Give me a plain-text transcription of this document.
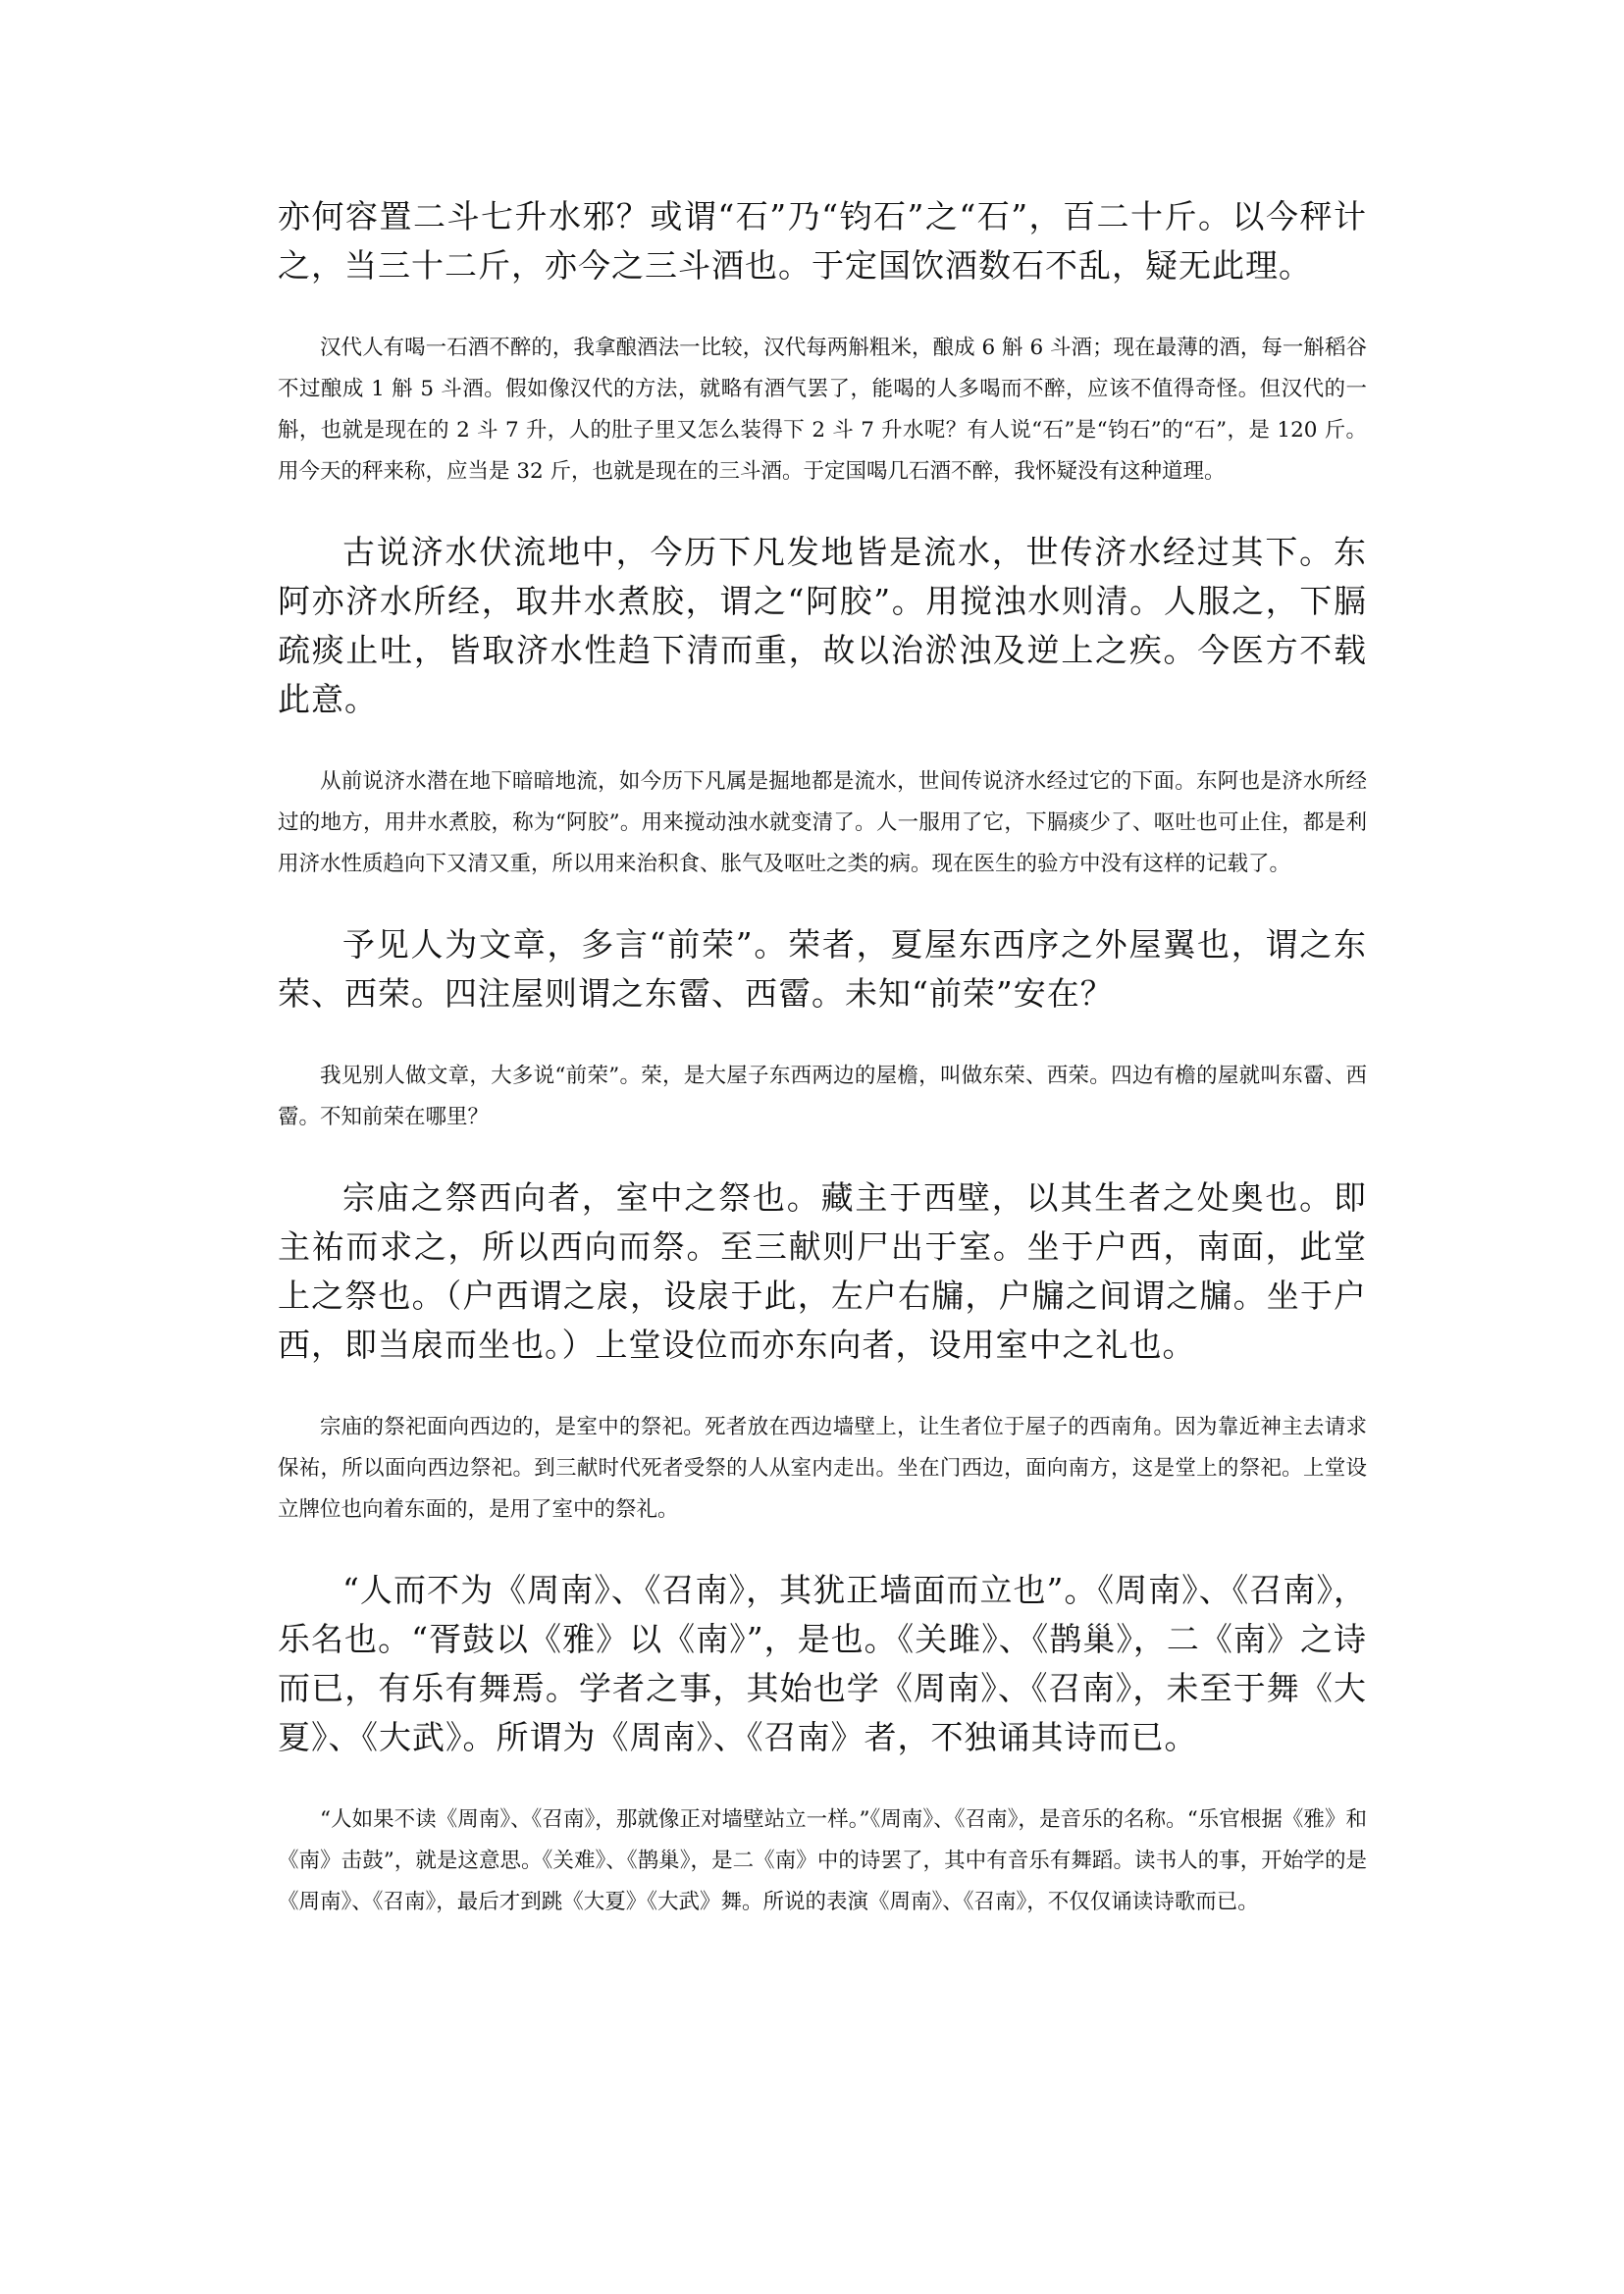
亦何容置二斗七升水邪？或谓“石”乃“钧石”之“石”，百二十斤。以今秤计之，当三十二斤，亦今之三斗酒也。于定国饮酒数石不乱，疑无此理。

汉代人有喝一石酒不醉的，我拿酿酒法一比较，汉代每两斛粗米，酿成 6 斛 6 斗酒；现在最薄的酒，每一斛稻谷不过酿成 1 斛 5 斗酒。假如像汉代的方法，就略有酒气罢了，能喝的人多喝而不醉，应该不值得奇怪。但汉代的一斛，也就是现在的 2 斗 7 升，人的肚子里又怎么装得下 2 斗 7 升水呢？有人说“石”是“钧石”的“石”，是 120 斤。用今天的秤来称，应当是 32 斤，也就是现在的三斗酒。于定国喝几石酒不醉，我怀疑没有这种道理。

古说济水伏流地中，今历下凡发地皆是流水，世传济水经过其下。东阿亦济水所经，取井水煮胶，谓之“阿胶”。用搅浊水则清。人服之，下膈疏痰止吐，皆取济水性趋下清而重，故以治淤浊及逆上之疾。今医方不载此意。

从前说济水潜在地下暗暗地流，如今历下凡属是掘地都是流水，世间传说济水经过它的下面。东阿也是济水所经过的地方，用井水煮胶，称为“阿胶”。用来搅动浊水就变清了。人一服用了它，下膈痰少了、呕吐也可止住，都是利用济水性质趋向下又清又重，所以用来治积食、胀气及呕吐之类的病。现在医生的验方中没有这样的记载了。

予见人为文章，多言“前荣”。荣者，夏屋东西序之外屋翼也，谓之东荣、西荣。四注屋则谓之东霤、西霤。未知“前荣”安在？

我见别人做文章，大多说“前荣”。荣，是大屋子东西两边的屋檐，叫做东荣、西荣。四边有檐的屋就叫东霤、西霤。不知前荣在哪里？

宗庙之祭西向者，室中之祭也。藏主于西壁，以其生者之处奥也。即主祐而求之，所以西向而祭。至三献则尸出于室。坐于户西，南面，此堂上之祭也。（户西谓之扆，设扆于此，左户右牖，户牖之间谓之牖。坐于户西，即当扆而坐也。）上堂设位而亦东向者，设用室中之礼也。

宗庙的祭祀面向西边的，是室中的祭祀。死者放在西边墙壁上，让生者位于屋子的西南角。因为靠近神主去请求保祐，所以面向西边祭祀。到三献时代死者受祭的人从室内走出。坐在门西边，面向南方，这是堂上的祭祀。上堂设立牌位也向着东面的，是用了室中的祭礼。

“人而不为《周南》、《召南》，其犹正墙面而立也”。《周南》、《召南》，乐名也。“胥鼓以《雅》以《南》”，是也。《关雎》、《鹊巢》，二《南》之诗而已，有乐有舞焉。学者之事，其始也学《周南》、《召南》，未至于舞《大夏》、《大武》。所谓为《周南》、《召南》者，不独诵其诗而已。

“人如果不读《周南》、《召南》，那就像正对墙壁站立一样。”《周南》、《召南》，是音乐的名称。“乐官根据《雅》和《南》击鼓”，就是这意思。《关难》、《鹊巢》，是二《南》中的诗罢了，其中有音乐有舞蹈。读书人的事，开始学的是《周南》、《召南》，最后才到跳《大夏》《大武》舞。所说的表演《周南》、《召南》，不仅仅诵读诗歌而已。
